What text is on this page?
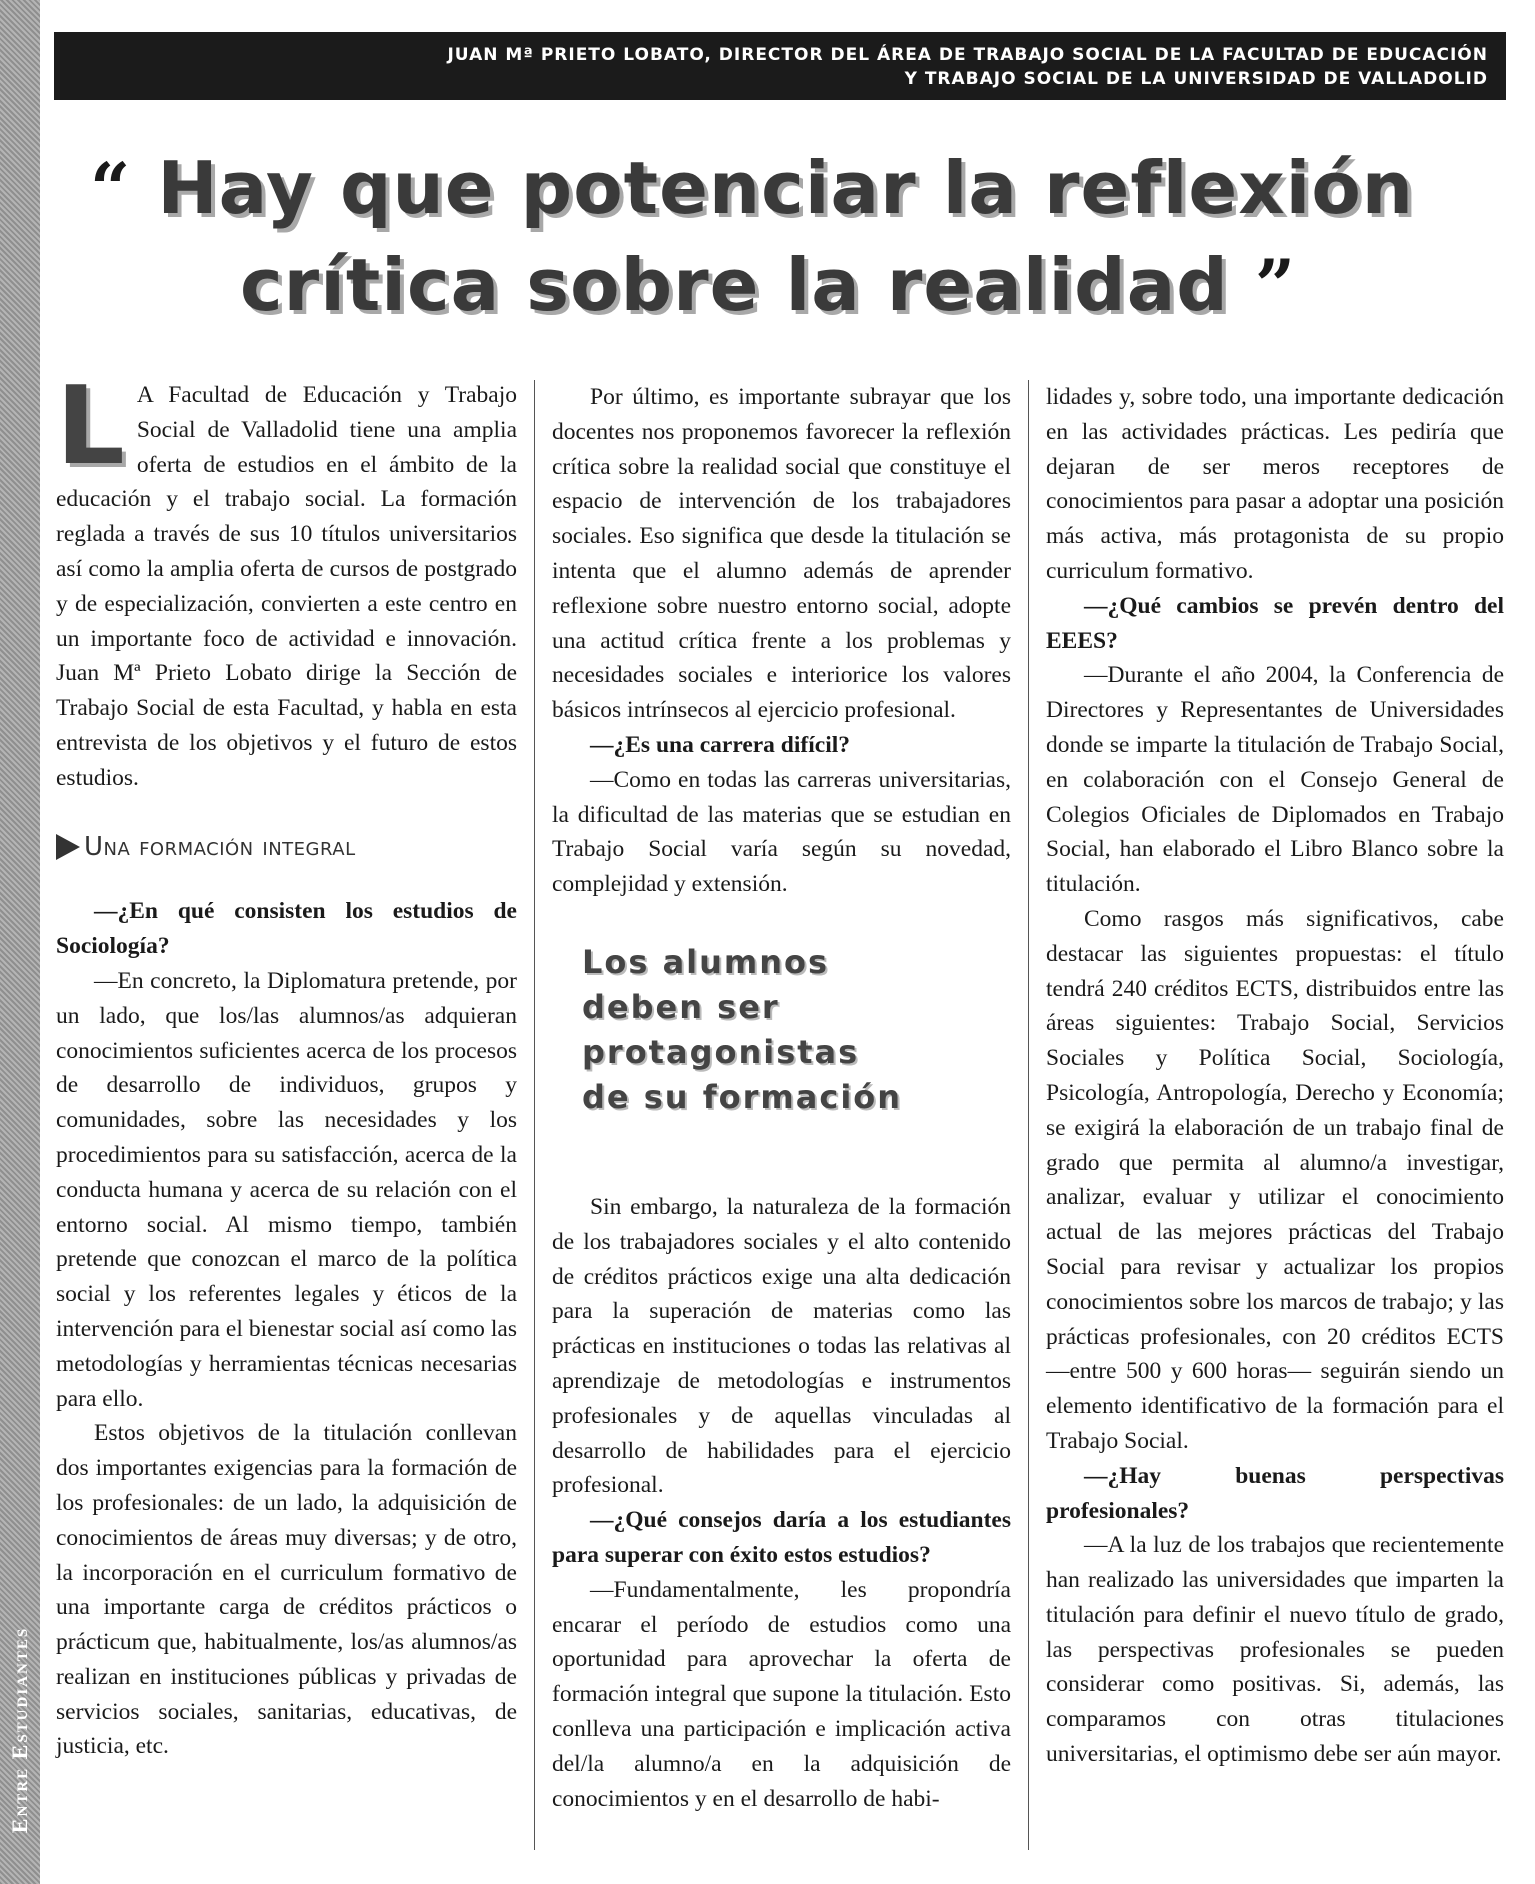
Entre Estudiantes
JUAN Mª PRIETO LOBATO, DIRECTOR DEL ÁREA DE TRABAJO SOCIAL DE LA FACULTAD DE EDUCACIÓN
Y TRABAJO SOCIAL DE LA UNIVERSIDAD DE VALLADOLID
“ Hay que potenciar la reflexión
crítica sobre la realidad ”

L A Facultad de Educación y Trabajo Social de Valladolid tiene una amplia oferta de estudios en el ámbito de la educación y el trabajo social. La formación reglada a través de sus 10 títulos universitarios así como la amplia oferta de cursos de postgrado y de especialización, convierten a este centro en un importante foco de actividad e innovación. Juan Mª Prieto Lobato dirige la Sección de Trabajo Social de esta Facultad, y habla en esta entrevista de los objetivos y el futuro de estos estudios.

Una formación integral

—¿En qué consisten los estudios de Sociología?

—En concreto, la Diplomatura pretende, por un lado, que los/las alumnos/as adquieran conocimientos suficientes acerca de los procesos de desarrollo de individuos, grupos y comunidades, sobre las necesidades y los procedimientos para su satisfacción, acerca de la conducta humana y acerca de su relación con el entorno social. Al mismo tiempo, también pretende que conozcan el marco de la política social y los referentes legales y éticos de la intervención para el bienestar social así como las metodologías y herramientas técnicas necesarias para ello.

Estos objetivos de la titulación conllevan dos importantes exigencias para la formación de los profesionales: de un lado, la adquisición de conocimientos de áreas muy diversas; y de otro, la incorporación en el curriculum formativo de una importante carga de créditos prácticos o prácticum que, habitualmente, los/as alumnos/as realizan en instituciones públicas y privadas de servicios sociales, sanitarias, educativas, de justicia, etc.

Por último, es importante subrayar que los docentes nos proponemos favorecer la reflexión crítica sobre la realidad social que constituye el espacio de intervención de los trabajadores sociales. Eso significa que desde la titulación se intenta que el alumno además de aprender reflexione sobre nuestro entorno social, adopte una actitud crítica frente a los problemas y necesidades sociales e interiorice los valores básicos intrínsecos al ejercicio profesional.

—¿Es una carrera difícil?

—Como en todas las carreras universitarias, la dificultad de las materias que se estudian en Trabajo Social varía según su novedad, complejidad y extensión.

Los alumnos
deben ser
protagonistas
de su formación

Sin embargo, la naturaleza de la formación de los trabajadores sociales y el alto contenido de créditos prácticos exige una alta dedicación para la superación de materias como las prácticas en instituciones o todas las relativas al aprendizaje de metodologías e instrumentos profesionales y de aquellas vinculadas al desarrollo de habilidades para el ejercicio profesional.

—¿Qué consejos daría a los estudiantes para superar con éxito estos estudios?

—Fundamentalmente, les propondría encarar el período de estudios como una oportunidad para aprovechar la oferta de formación integral que supone la titulación. Esto conlleva una participación e implicación activa del/la alumno/a en la adquisición de conocimientos y en el desarrollo de habi-

lidades y, sobre todo, una importante dedicación en las actividades prácticas. Les pediría que dejaran de ser meros receptores de conocimientos para pasar a adoptar una posición más activa, más protagonista de su propio curriculum formativo.

—¿Qué cambios se prevén dentro del EEES?

—Durante el año 2004, la Conferencia de Directores y Representantes de Universidades donde se imparte la titulación de Trabajo Social, en colaboración con el Consejo General de Colegios Oficiales de Diplomados en Trabajo Social, han elaborado el Libro Blanco sobre la titulación.

Como rasgos más significativos, cabe destacar las siguientes propuestas: el título tendrá 240 créditos ECTS, distribuidos entre las áreas siguientes: Trabajo Social, Servicios Sociales y Política Social, Sociología, Psicología, Antropología, Derecho y Economía; se exigirá la elaboración de un trabajo final de grado que permita al alumno/a investigar, analizar, evaluar y utilizar el conocimiento actual de las mejores prácticas del Trabajo Social para revisar y actualizar los propios conocimientos sobre los marcos de trabajo; y las prácticas profesionales, con 20 créditos ECTS —entre 500 y 600 horas— seguirán siendo un elemento identificativo de la formación para el Trabajo Social.

—¿Hay buenas perspectivas profesionales?

—A la luz de los trabajos que recientemente han realizado las universidades que imparten la titulación para definir el nuevo título de grado, las perspectivas profesionales se pueden considerar como positivas. Si, además, las comparamos con otras titulaciones universitarias, el optimismo debe ser aún mayor.
